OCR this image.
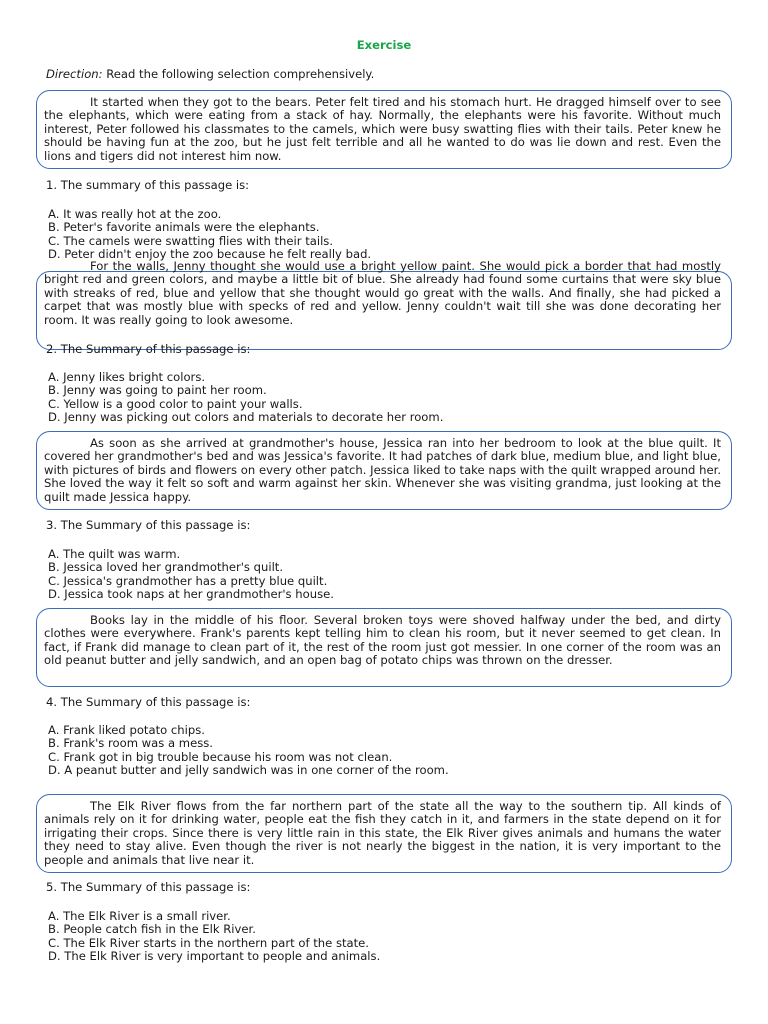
Exercise
Direction: Read the following selection comprehensively.

It started when they got to the bears. Peter felt tired and his stomach hurt. He dragged himself over to see the elephants, which were eating from a stack of hay. Normally, the elephants were his favorite. Without much interest, Peter followed his classmates to the camels, which were busy swatting flies with their tails. Peter knew he should be having fun at the zoo, but he just felt terrible and all he wanted to do was lie down and rest. Even the lions and tigers did not interest him now.

1. The summary of this passage is:
A. It was really hot at the zoo.
B. Peter's favorite animals were the elephants.
C. The camels were swatting flies with their tails.
D. Peter didn't enjoy the zoo because he felt really bad.

For the walls, Jenny thought she would use a bright yellow paint. She would pick a border that had mostly bright red and green colors, and maybe a little bit of blue. She already had found some curtains that were sky blue with streaks of red, blue and yellow that she thought would go great with the walls. And finally, she had picked a carpet that was mostly blue with specks of red and yellow. Jenny couldn't wait till she was done decorating her room. It was really going to look awesome.

2. The Summary of this passage is:
A. Jenny likes bright colors.
B. Jenny was going to paint her room.
C. Yellow is a good color to paint your walls.
D. Jenny was picking out colors and materials to decorate her room.

As soon as she arrived at grandmother's house, Jessica ran into her bedroom to look at the blue quilt. It covered her grandmother's bed and was Jessica's favorite. It had patches of dark blue, medium blue, and light blue, with pictures of birds and flowers on every other patch. Jessica liked to take naps with the quilt wrapped around her. She loved the way it felt so soft and warm against her skin. Whenever she was visiting grandma, just looking at the quilt made Jessica happy.

3. The Summary of this passage is:
A. The quilt was warm.
B. Jessica loved her grandmother's quilt.
C. Jessica's grandmother has a pretty blue quilt.
D. Jessica took naps at her grandmother's house.

Books lay in the middle of his floor. Several broken toys were shoved halfway under the bed, and dirty clothes were everywhere. Frank's parents kept telling him to clean his room, but it never seemed to get clean. In fact, if Frank did manage to clean part of it, the rest of the room just got messier. In one corner of the room was an old peanut butter and jelly sandwich, and an open bag of potato chips was thrown on the dresser.

4. The Summary of this passage is:
A. Frank liked potato chips.
B. Frank's room was a mess.
C. Frank got in big trouble because his room was not clean.
D. A peanut butter and jelly sandwich was in one corner of the room.

The Elk River flows from the far northern part of the state all the way to the southern tip. All kinds of animals rely on it for drinking water, people eat the fish they catch in it, and farmers in the state depend on it for irrigating their crops. Since there is very little rain in this state, the Elk River gives animals and humans the water they need to stay alive. Even though the river is not nearly the biggest in the nation, it is very important to the people and animals that live near it.

5. The Summary of this passage is:
A. The Elk River is a small river.
B. People catch fish in the Elk River.
C. The Elk River starts in the northern part of the state.
D. The Elk River is very important to people and animals.
